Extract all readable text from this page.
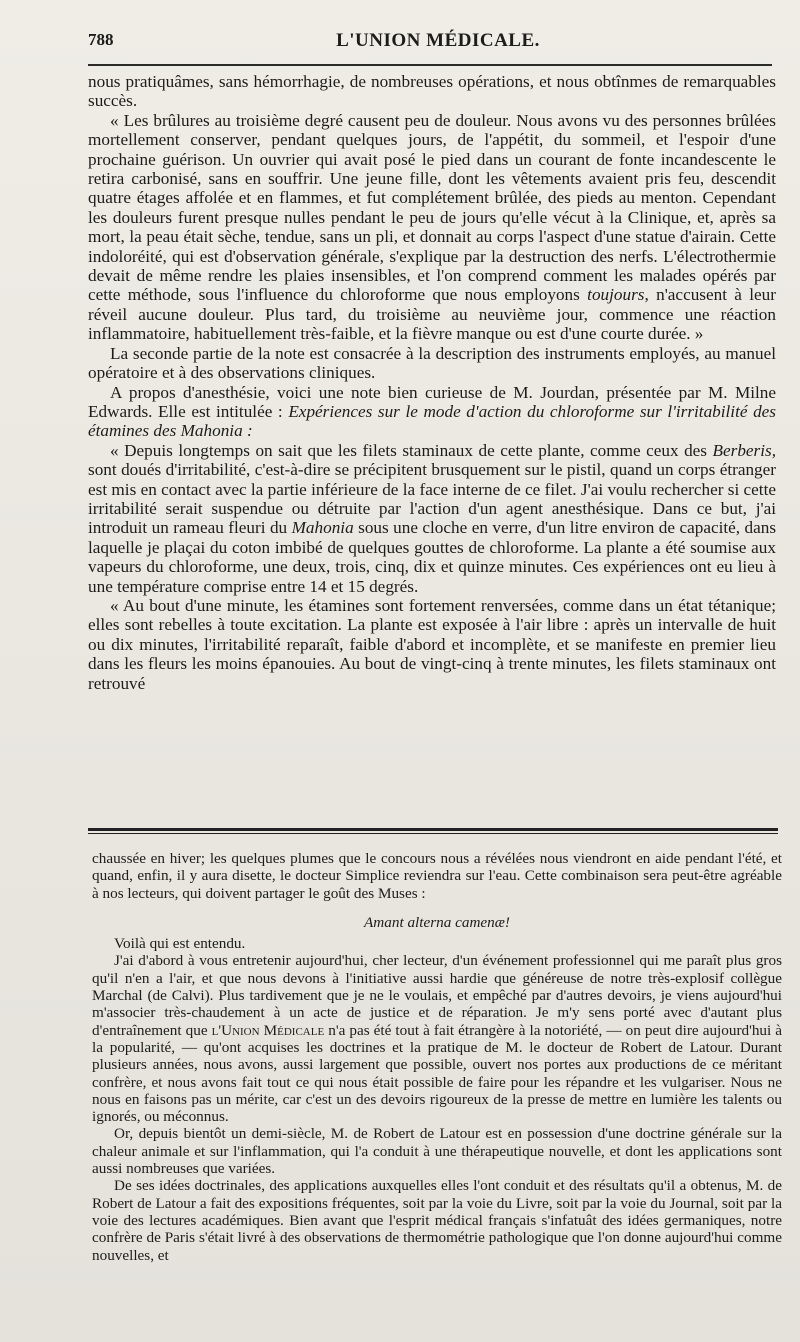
788	L'UNION MÉDICALE.

nous pratiquâmes, sans hémorrhagie, de nombreuses opérations, et nous obtînmes de remarquables succès.

« Les brûlures au troisième degré causent peu de douleur. Nous avons vu des personnes brûlées mortellement conserver, pendant quelques jours, de l'appétit, du sommeil, et l'espoir d'une prochaine guérison. Un ouvrier qui avait posé le pied dans un courant de fonte incandescente le retira carbonisé, sans en souffrir. Une jeune fille, dont les vêtements avaient pris feu, descendit quatre étages affolée et en flammes, et fut complétement brûlée, des pieds au menton. Cependant les douleurs furent presque nulles pendant le peu de jours qu'elle vécut à la Clinique, et, après sa mort, la peau était sèche, tendue, sans un pli, et donnait au corps l'aspect d'une statue d'airain. Cette indoloréité, qui est d'observation générale, s'explique par la destruction des nerfs. L'électrothermie devait de même rendre les plaies insensibles, et l'on comprend comment les malades opérés par cette méthode, sous l'influence du chloroforme que nous employons toujours, n'accusent à leur réveil aucune douleur. Plus tard, du troisième au neuvième jour, commence une réaction inflammatoire, habituellement très-faible, et la fièvre manque ou est d'une courte durée. »

La seconde partie de la note est consacrée à la description des instruments employés, au manuel opératoire et à des observations cliniques.

A propos d'anesthésie, voici une note bien curieuse de M. Jourdan, présentée par M. Milne Edwards. Elle est intitulée : Expériences sur le mode d'action du chloroforme sur l'irritabilité des étamines des Mahonia :

« Depuis longtemps on sait que les filets staminaux de cette plante, comme ceux des Berberis, sont doués d'irritabilité, c'est-à-dire se précipitent brusquement sur le pistil, quand un corps étranger est mis en contact avec la partie inférieure de la face interne de ce filet. J'ai voulu rechercher si cette irritabilité serait suspendue ou détruite par l'action d'un agent anesthésique. Dans ce but, j'ai introduit un rameau fleuri du Mahonia sous une cloche en verre, d'un litre environ de capacité, dans laquelle je plaçai du coton imbibé de quelques gouttes de chloroforme. La plante a été soumise aux vapeurs du chloroforme, une deux, trois, cinq, dix et quinze minutes. Ces expériences ont eu lieu à une température comprise entre 14 et 15 degrés.

« Au bout d'une minute, les étamines sont fortement renversées, comme dans un état tétanique; elles sont rebelles à toute excitation. La plante est exposée à l'air libre : après un intervalle de huit ou dix minutes, l'irritabilité reparaît, faible d'abord et incomplète, et se manifeste en premier lieu dans les fleurs les moins épanouies. Au bout de vingt-cinq à trente minutes, les filets staminaux ont retrouvé

chaussée en hiver; les quelques plumes que le concours nous a révélées nous viendront en aide pendant l'été, et quand, enfin, il y aura disette, le docteur Simplice reviendra sur l'eau. Cette combinaison sera peut-être agréable à nos lecteurs, qui doivent partager le goût des Muses :

Amant alterna camenæ!

Voilà qui est entendu.

J'ai d'abord à vous entretenir aujourd'hui, cher lecteur, d'un événement professionnel qui me paraît plus gros qu'il n'en a l'air, et que nous devons à l'initiative aussi hardie que généreuse de notre très-explosif collègue Marchal (de Calvi). Plus tardivement que je ne le voulais, et empêché par d'autres devoirs, je viens aujourd'hui m'associer très-chaudement à un acte de justice et de réparation. Je m'y sens porté avec d'autant plus d'entraînement que l'Union Médicale n'a pas été tout à fait étrangère à la notoriété, — on peut dire aujourd'hui à la popularité, — qu'ont acquises les doctrines et la pratique de M. le docteur de Robert de Latour. Durant plusieurs années, nous avons, aussi largement que possible, ouvert nos portes aux productions de ce méritant confrère, et nous avons fait tout ce qui nous était possible de faire pour les répandre et les vulgariser. Nous ne nous en faisons pas un mérite, car c'est un des devoirs rigoureux de la presse de mettre en lumière les talents ou ignorés, ou méconnus.

Or, depuis bientôt un demi-siècle, M. de Robert de Latour est en possession d'une doctrine générale sur la chaleur animale et sur l'inflammation, qui l'a conduit à une thérapeutique nouvelle, et dont les applications sont aussi nombreuses que variées.

De ses idées doctrinales, des applications auxquelles elles l'ont conduit et des résultats qu'il a obtenus, M. de Robert de Latour a fait des expositions fréquentes, soit par la voie du Livre, soit par la voie du Journal, soit par la voie des lectures académiques. Bien avant que l'esprit médical français s'infatuât des idées germaniques, notre confrère de Paris s'était livré à des observations de thermométrie pathologique que l'on donne aujourd'hui comme nouvelles, et
